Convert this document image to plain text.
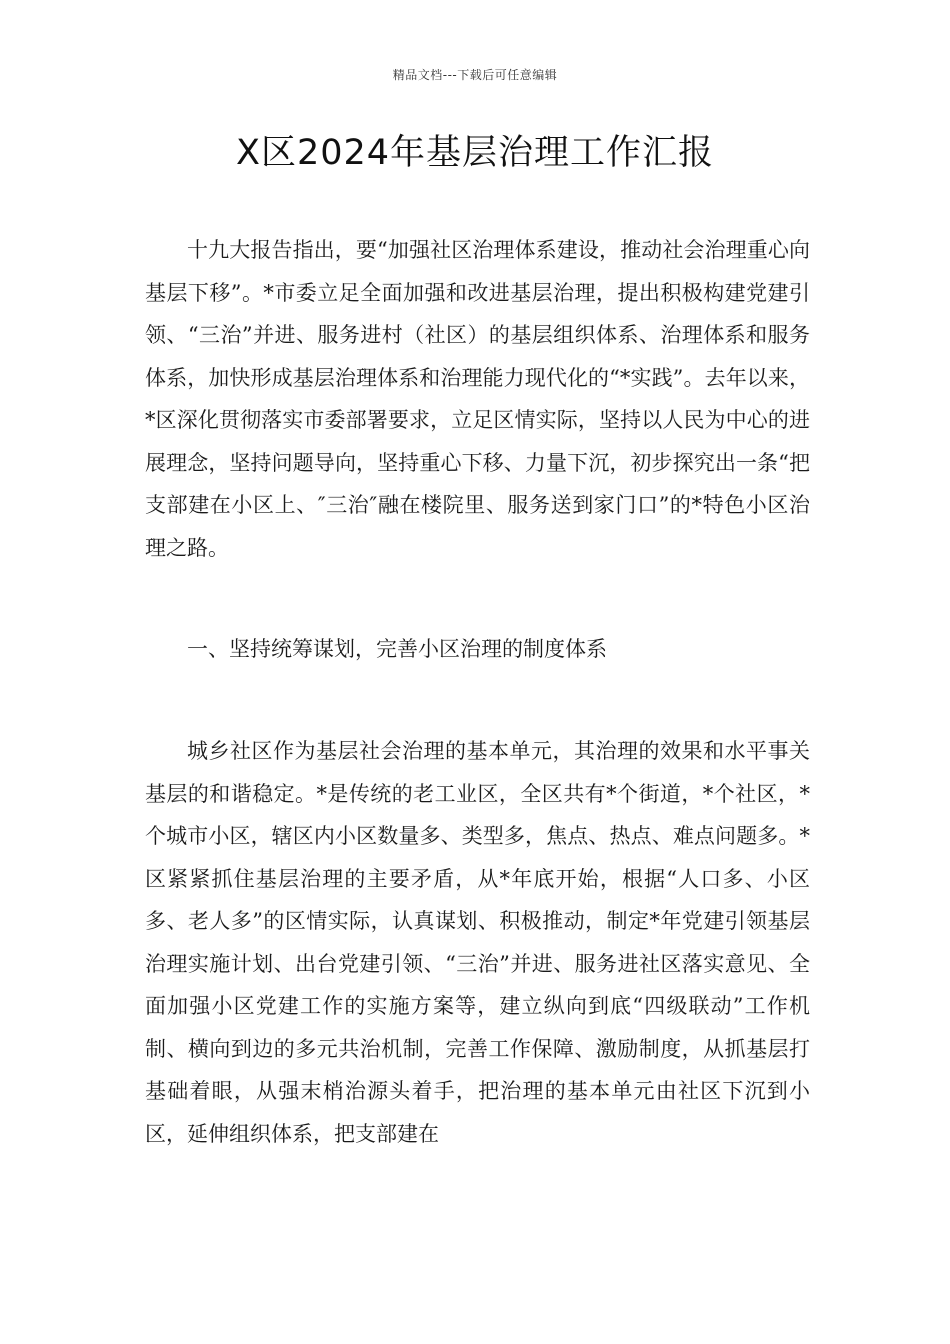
精品文档---下载后可任意编辑
X区2024年基层治理工作汇报

十九大报告指出，要“加强社区治理体系建设，推动社会治理重心向基层下移”。*市委立足全面加强和改进基层治理，提出积极构建党建引领、“三治”并进、服务进村（社区）的基层组织体系、治理体系和服务体系，加快形成基层治理体系和治理能力现代化的“*实践”。去年以来，*区深化贯彻落实市委部署要求，立足区情实际，坚持以人民为中心的进展理念，坚持问题导向，坚持重心下移、力量下沉，初步探究出一条“把支部建在小区上、″三治″融在楼院里、服务送到家门口”的*特色小区治理之路。

一、坚持统筹谋划，完善小区治理的制度体系

城乡社区作为基层社会治理的基本单元，其治理的效果和水平事关基层的和谐稳定。*是传统的老工业区，全区共有*个街道，*个社区，*个城市小区，辖区内小区数量多、类型多，焦点、热点、难点问题多。*区紧紧抓住基层治理的主要矛盾，从*年底开始，根据“人口多、小区多、老人多”的区情实际，认真谋划、积极推动，制定*年党建引领基层治理实施计划、出台党建引领、“三治”并进、服务进社区落实意见、全面加强小区党建工作的实施方案等，建立纵向到底“四级联动”工作机制、横向到边的多元共治机制，完善工作保障、激励制度，从抓基层打基础着眼，从强末梢治源头着手，把治理的基本单元由社区下沉到小区，延伸组织体系，把支部建在
